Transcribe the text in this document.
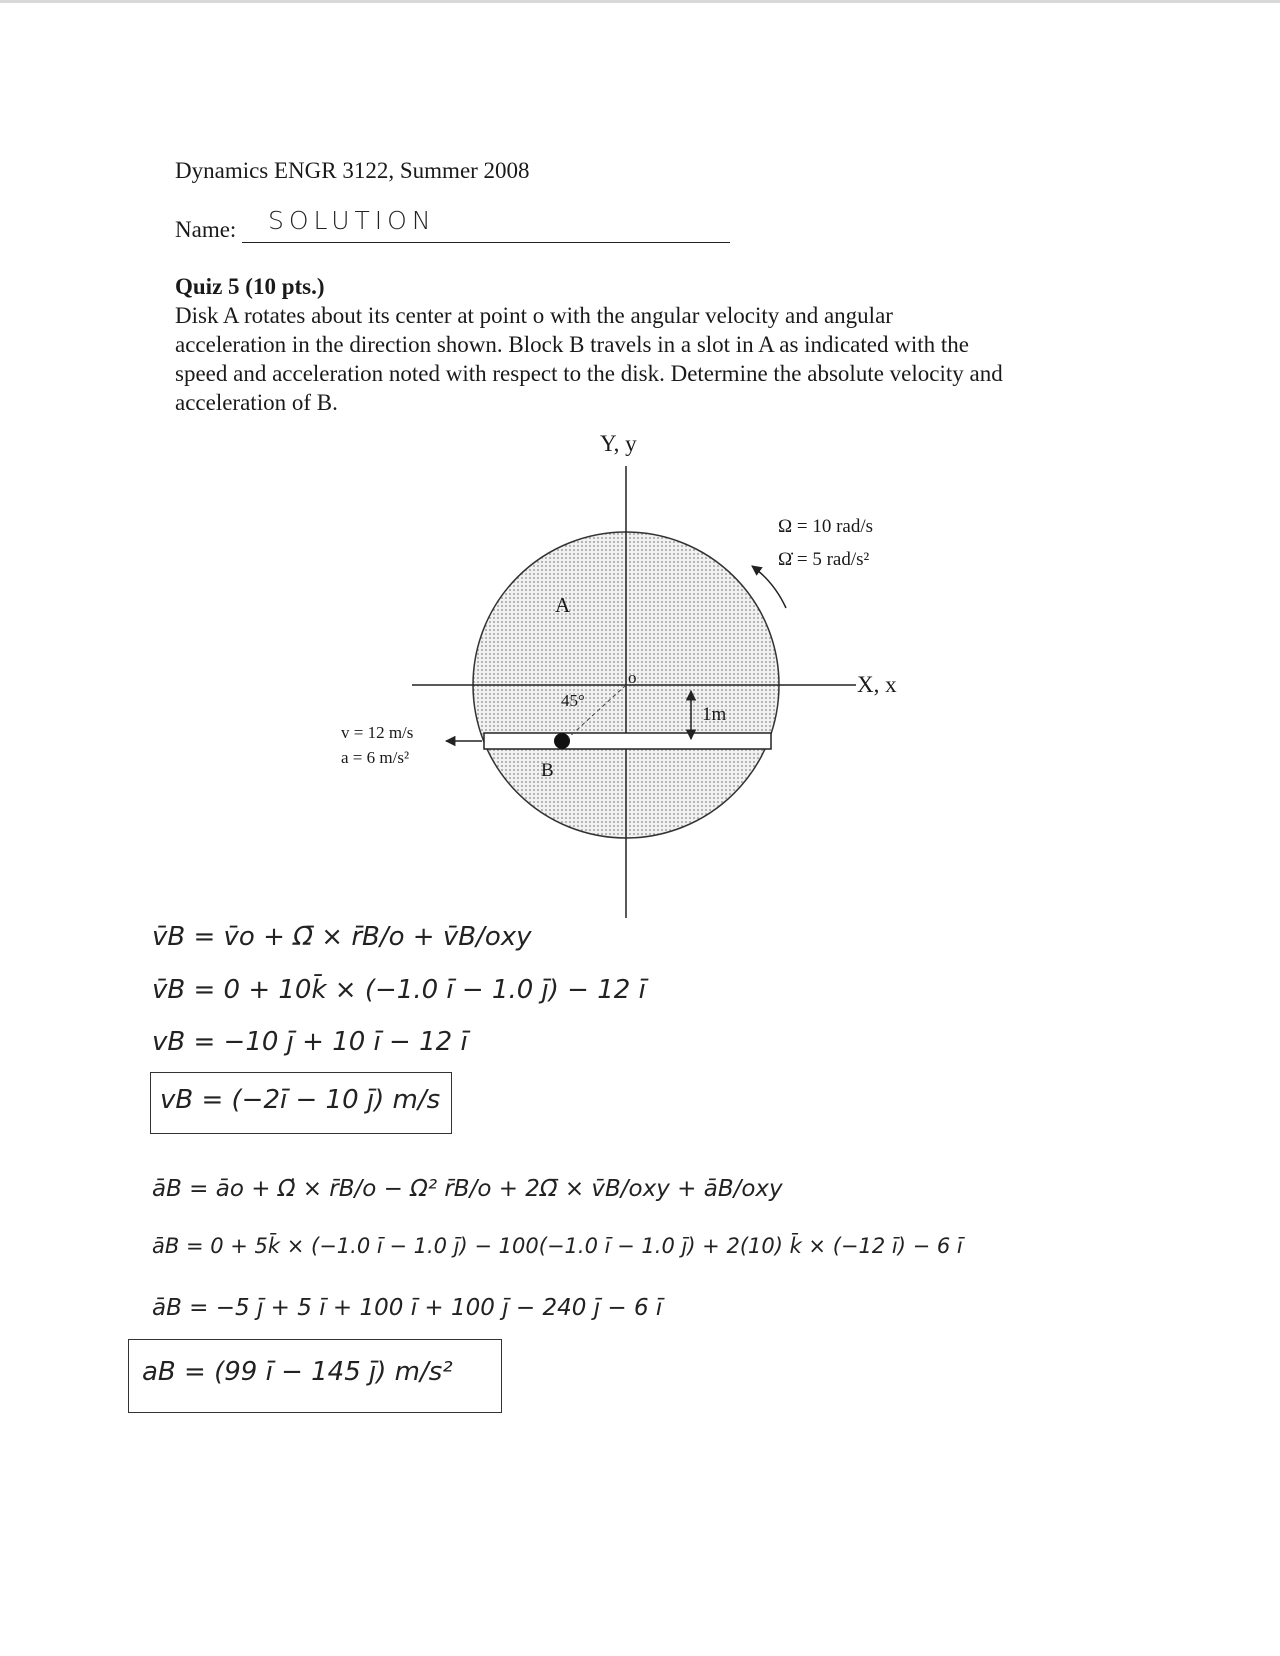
Dynamics ENGR 3122, Summer 2008
Name: SOLUTION
Quiz 5 (10 pts.)
Disk A rotates about its center at point o with the angular velocity and angular
acceleration in the direction shown. Block B travels in a slot in A as indicated with the
speed and acceleration noted with respect to the disk. Determine the absolute velocity and
acceleration of B.
Y, y
X, x
A
o
45°
1m
B
v = 12 m/s
a = 6 m/s²
Ω = 10 rad/s
Ω̇ = 5 rad/s²
v̄B = v̄o + Ω̄ × r̄B/o + v̄B/oxy
v̄B = 0 + 10k̄ × (−1.0 ī − 1.0 j̄) − 12 ī
vB = −10 j̄ + 10 ī − 12 ī
vB = (−2ī − 10 j̄) m/s
āB = āo + Ω̇ × r̄B/o − Ω² r̄B/o + 2Ω̄ × v̄B/oxy + āB/oxy
āB = 0 + 5k̄ × (−1.0 ī − 1.0 j̄) − 100(−1.0 ī − 1.0 j̄) + 2(10) k̄ × (−12 ī) − 6 ī
āB = −5 j̄ + 5 ī + 100 ī + 100 j̄ − 240 j̄ − 6 ī
aB = (99 ī − 145 j̄) m/s²
